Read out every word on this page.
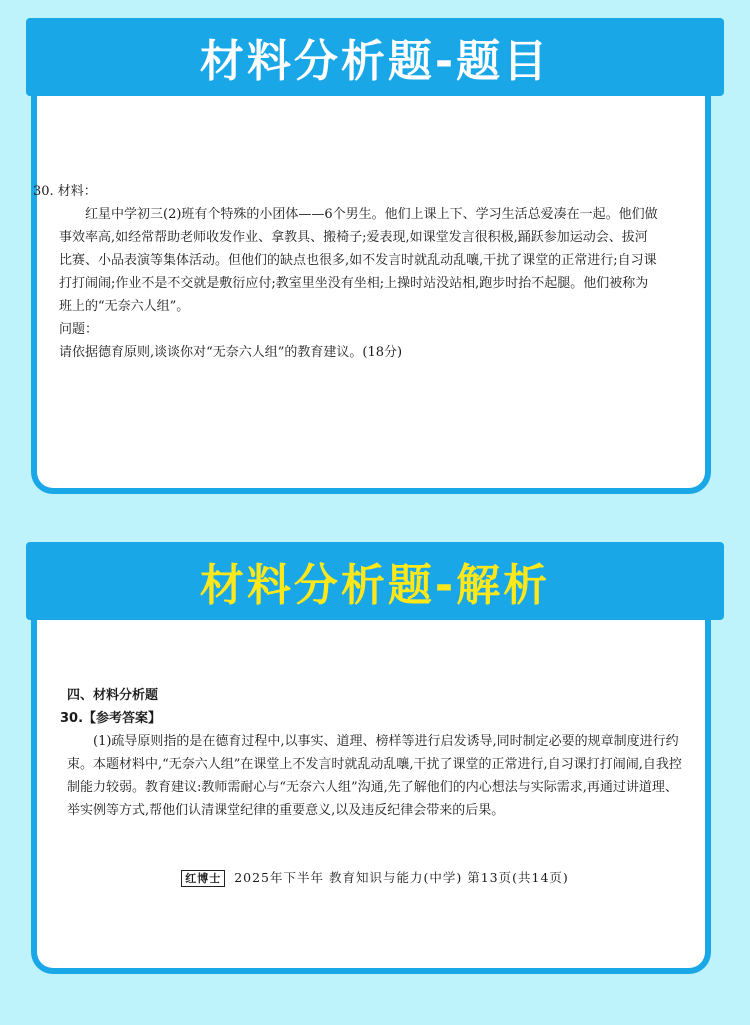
材料分析题-题目

30. 材料：

红星中学初三(2)班有个特殊的小团体——6个男生。他们上课上下、学习生活总爱凑在一起。他们做事效率高,如经常帮助老师收发作业、拿教具、搬椅子;爱表现,如课堂发言很积极,踊跃参加运动会、拔河比赛、小品表演等集体活动。但他们的缺点也很多,如不发言时就乱动乱嚷,干扰了课堂的正常进行;自习课打打闹闹;作业不是不交就是敷衍应付;教室里坐没有坐相;上操时站没站相,跑步时抬不起腿。他们被称为班上的“无奈六人组”。

问题：

请依据德育原则,谈谈你对“无奈六人组”的教育建议。(18分)

材料分析题-解析

四、材料分析题

30.【参考答案】

(1)疏导原则指的是在德育过程中,以事实、道理、榜样等进行启发诱导,同时制定必要的规章制度进行约束。本题材料中,“无奈六人组”在课堂上不发言时就乱动乱嚷,干扰了课堂的正常进行,自习课打打闹闹,自我控制能力较弱。教育建议:教师需耐心与“无奈六人组”沟通,先了解他们的内心想法与实际需求,再通过讲道理、举实例等方式,帮他们认清课堂纪律的重要意义,以及违反纪律会带来的后果。

红博士 2025年下半年 教育知识与能力(中学) 第13页(共14页)
